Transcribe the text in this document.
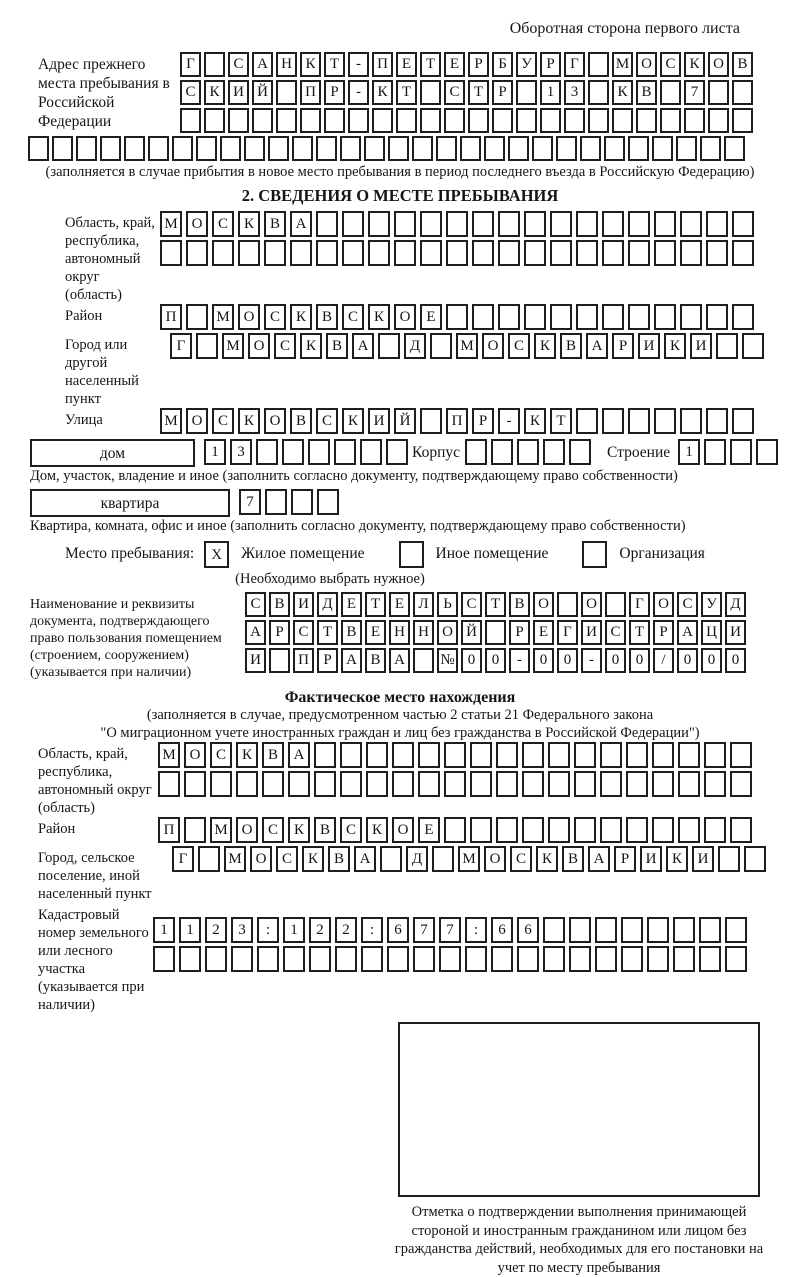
Оборотная сторона первого листа
Адрес прежнего места пребывания в Российской Федерации
Г	С А Н К Т - П Е Т Е Р Б У Р Г М О С К О В
С К И Й П Р - К Т	С Т Р	1 3	К В	7
(заполняется в случае прибытия в новое место пребывания в период последнего въезда в Российскую Федерацию)
2. СВЕДЕНИЯ О МЕСТЕ ПРЕБЫВАНИЯ
Область, край, республика, автономный округ (область)
М О С К В А
Район	П	М О С К В С К О Е
Город или другой населенный пункт
Г	М О С К В А	Д	М О С К В А Р И К И
Улица	М О С К О В С К И Й	П Р - К Т
дом	1 3	Корпус	Строение	1
Дом, участок, владение и иное (заполнить согласно документу, подтверждающему право собственности)
квартира	7
Квартира, комната, офис и иное (заполнить согласно документу, подтверждающему право собственности)
Место пребывания:	X	Жилое помещение	Иное помещение	Организация
(Необходимо выбрать нужное)
Наименование и реквизиты документа, подтверждающего право пользования помещением (строением, сооружением) (указывается при наличии)
С В И Д Е Т Е Л Ь С Т В О О	Г О С У Д
А Р С Т В Е Н Н О Й	Р Е Г И С Т Р А Ц И
И П Р А В А № 0 0 - 0 0 - 0 0 / 0 0 0
Фактическое место нахождения
(заполняется в случае, предусмотренном частью 2 статьи 21 Федерального закона
"О миграционном учете иностранных граждан и лиц без гражданства в Российской Федерации")
Область, край, республика, автономный округ (область)
М О С К В А
Район	П	М О С К В С К О Е
Город, сельское поселение, иной населенный пункт
Г	М О С К В А	Д	М О С К В А Р И К И
Кадастровый номер земельного или лесного участка (указывается при наличии)
1 1 2 3 : 1 2 2 : 6 7 7 : 6 6
Отметка о подтверждении выполнения принимающей стороной и иностранным гражданином или лицом без гражданства действий, необходимых для его постановки на учет по месту пребывания
